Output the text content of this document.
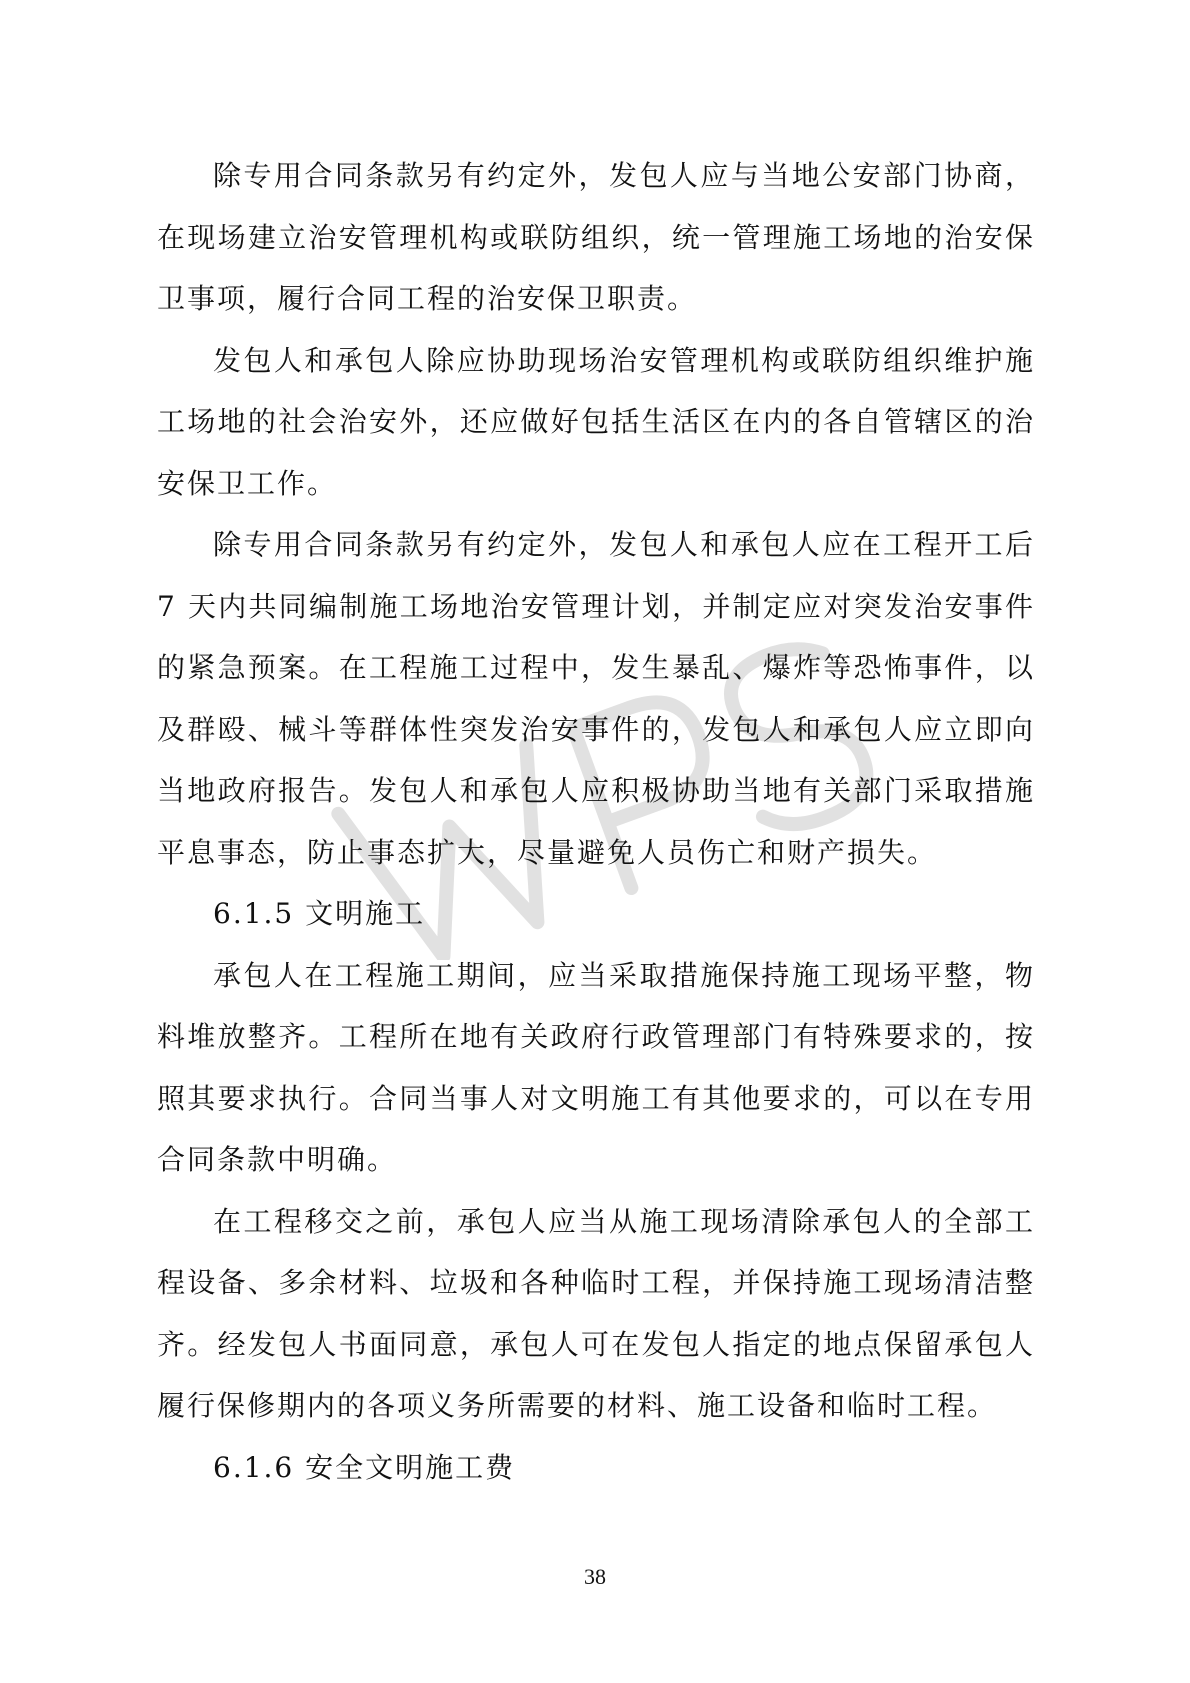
除专用合同条款另有约定外，发包人应与当地公安部门协商，在现场建立治安管理机构或联防组织，统一管理施工场地的治安保卫事项，履行合同工程的治安保卫职责。

发包人和承包人除应协助现场治安管理机构或联防组织维护施工场地的社会治安外，还应做好包括生活区在内的各自管辖区的治安保卫工作。

除专用合同条款另有约定外，发包人和承包人应在工程开工后 7 天内共同编制施工场地治安管理计划，并制定应对突发治安事件的紧急预案。在工程施工过程中，发生暴乱、爆炸等恐怖事件，以及群殴、械斗等群体性突发治安事件的，发包人和承包人应立即向当地政府报告。发包人和承包人应积极协助当地有关部门采取措施平息事态，防止事态扩大，尽量避免人员伤亡和财产损失。

6.1.5 文明施工

承包人在工程施工期间，应当采取措施保持施工现场平整，物料堆放整齐。工程所在地有关政府行政管理部门有特殊要求的，按照其要求执行。合同当事人对文明施工有其他要求的，可以在专用合同条款中明确。

在工程移交之前，承包人应当从施工现场清除承包人的全部工程设备、多余材料、垃圾和各种临时工程，并保持施工现场清洁整齐。经发包人书面同意，承包人可在发包人指定的地点保留承包人履行保修期内的各项义务所需要的材料、施工设备和临时工程。

6.1.6 安全文明施工费

38
